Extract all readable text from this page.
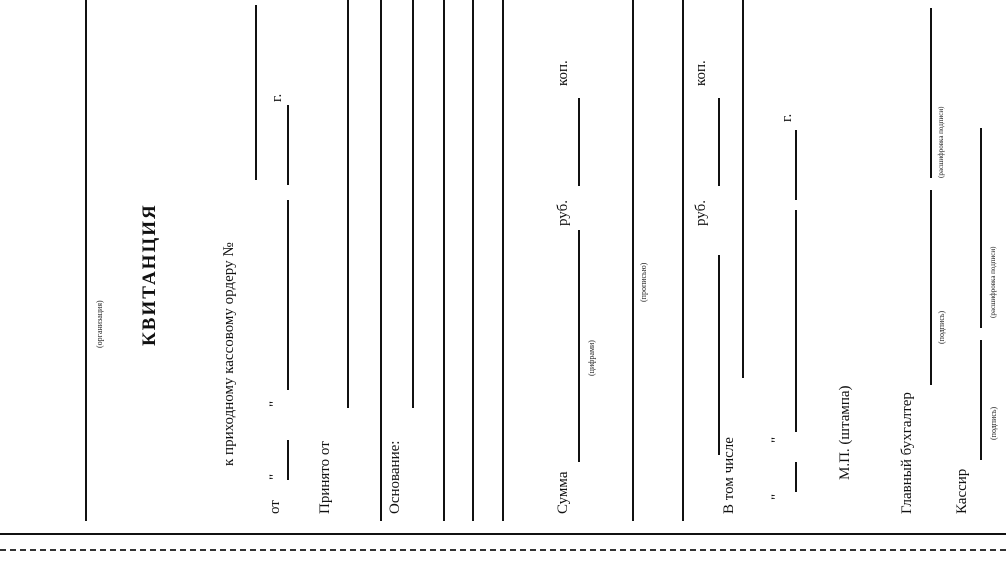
(организация) КВИТАНЦИЯ	к приходному кассовому ордеру №
от
"
"
г.
Принято от	Основание:	Сумма
руб.
коп.
(цифрами)
(прописью)
руб.
коп.
В том числе "
"
г.
М.П. (штампа)	Главный бухгалтер
(подпись)
(расшифровка подписи)
Кассир
(подпись)
(расшифровка подписи)
